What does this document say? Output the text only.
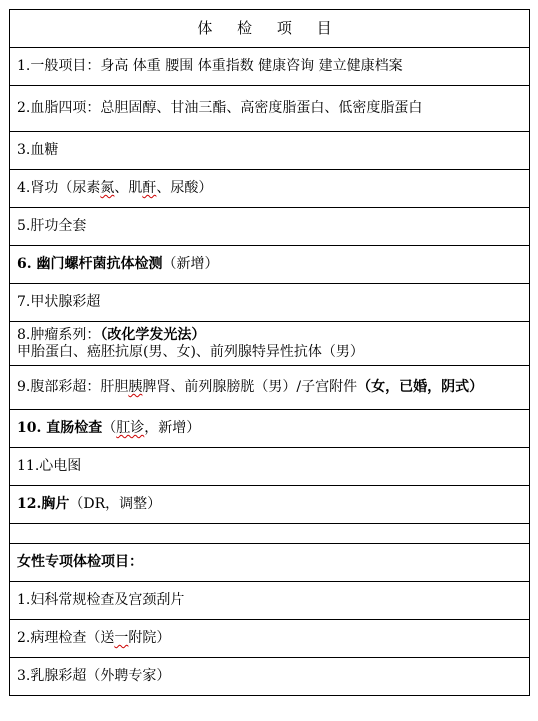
体 检 项 目
1.一般项目：身高 体重 腰围 体重指数 健康咨询 建立健康档案
2.血脂四项：总胆固醇、甘油三酯、高密度脂蛋白、低密度脂蛋白
3.血糖
4.肾功（尿素氮、肌酐、尿酸）
5.肝功全套
6. 幽门螺杆菌抗体检测（新增）
7.甲状腺彩超

8.肿瘤系列：（改化学发光法）
甲胎蛋白、癌胚抗原(男、女)、前列腺特异性抗体（男）

9.腹部彩超：肝胆胰脾肾、前列腺膀胱（男）/子宫附件（女，已婚，阴式）
10. 直肠检查（肛诊，新增）
11.心电图
12.胸片（DR，调整）

女性专项体检项目：
1.妇科常规检查及宫颈刮片
2.病理检查（送一附院）
3.乳腺彩超（外聘专家）
